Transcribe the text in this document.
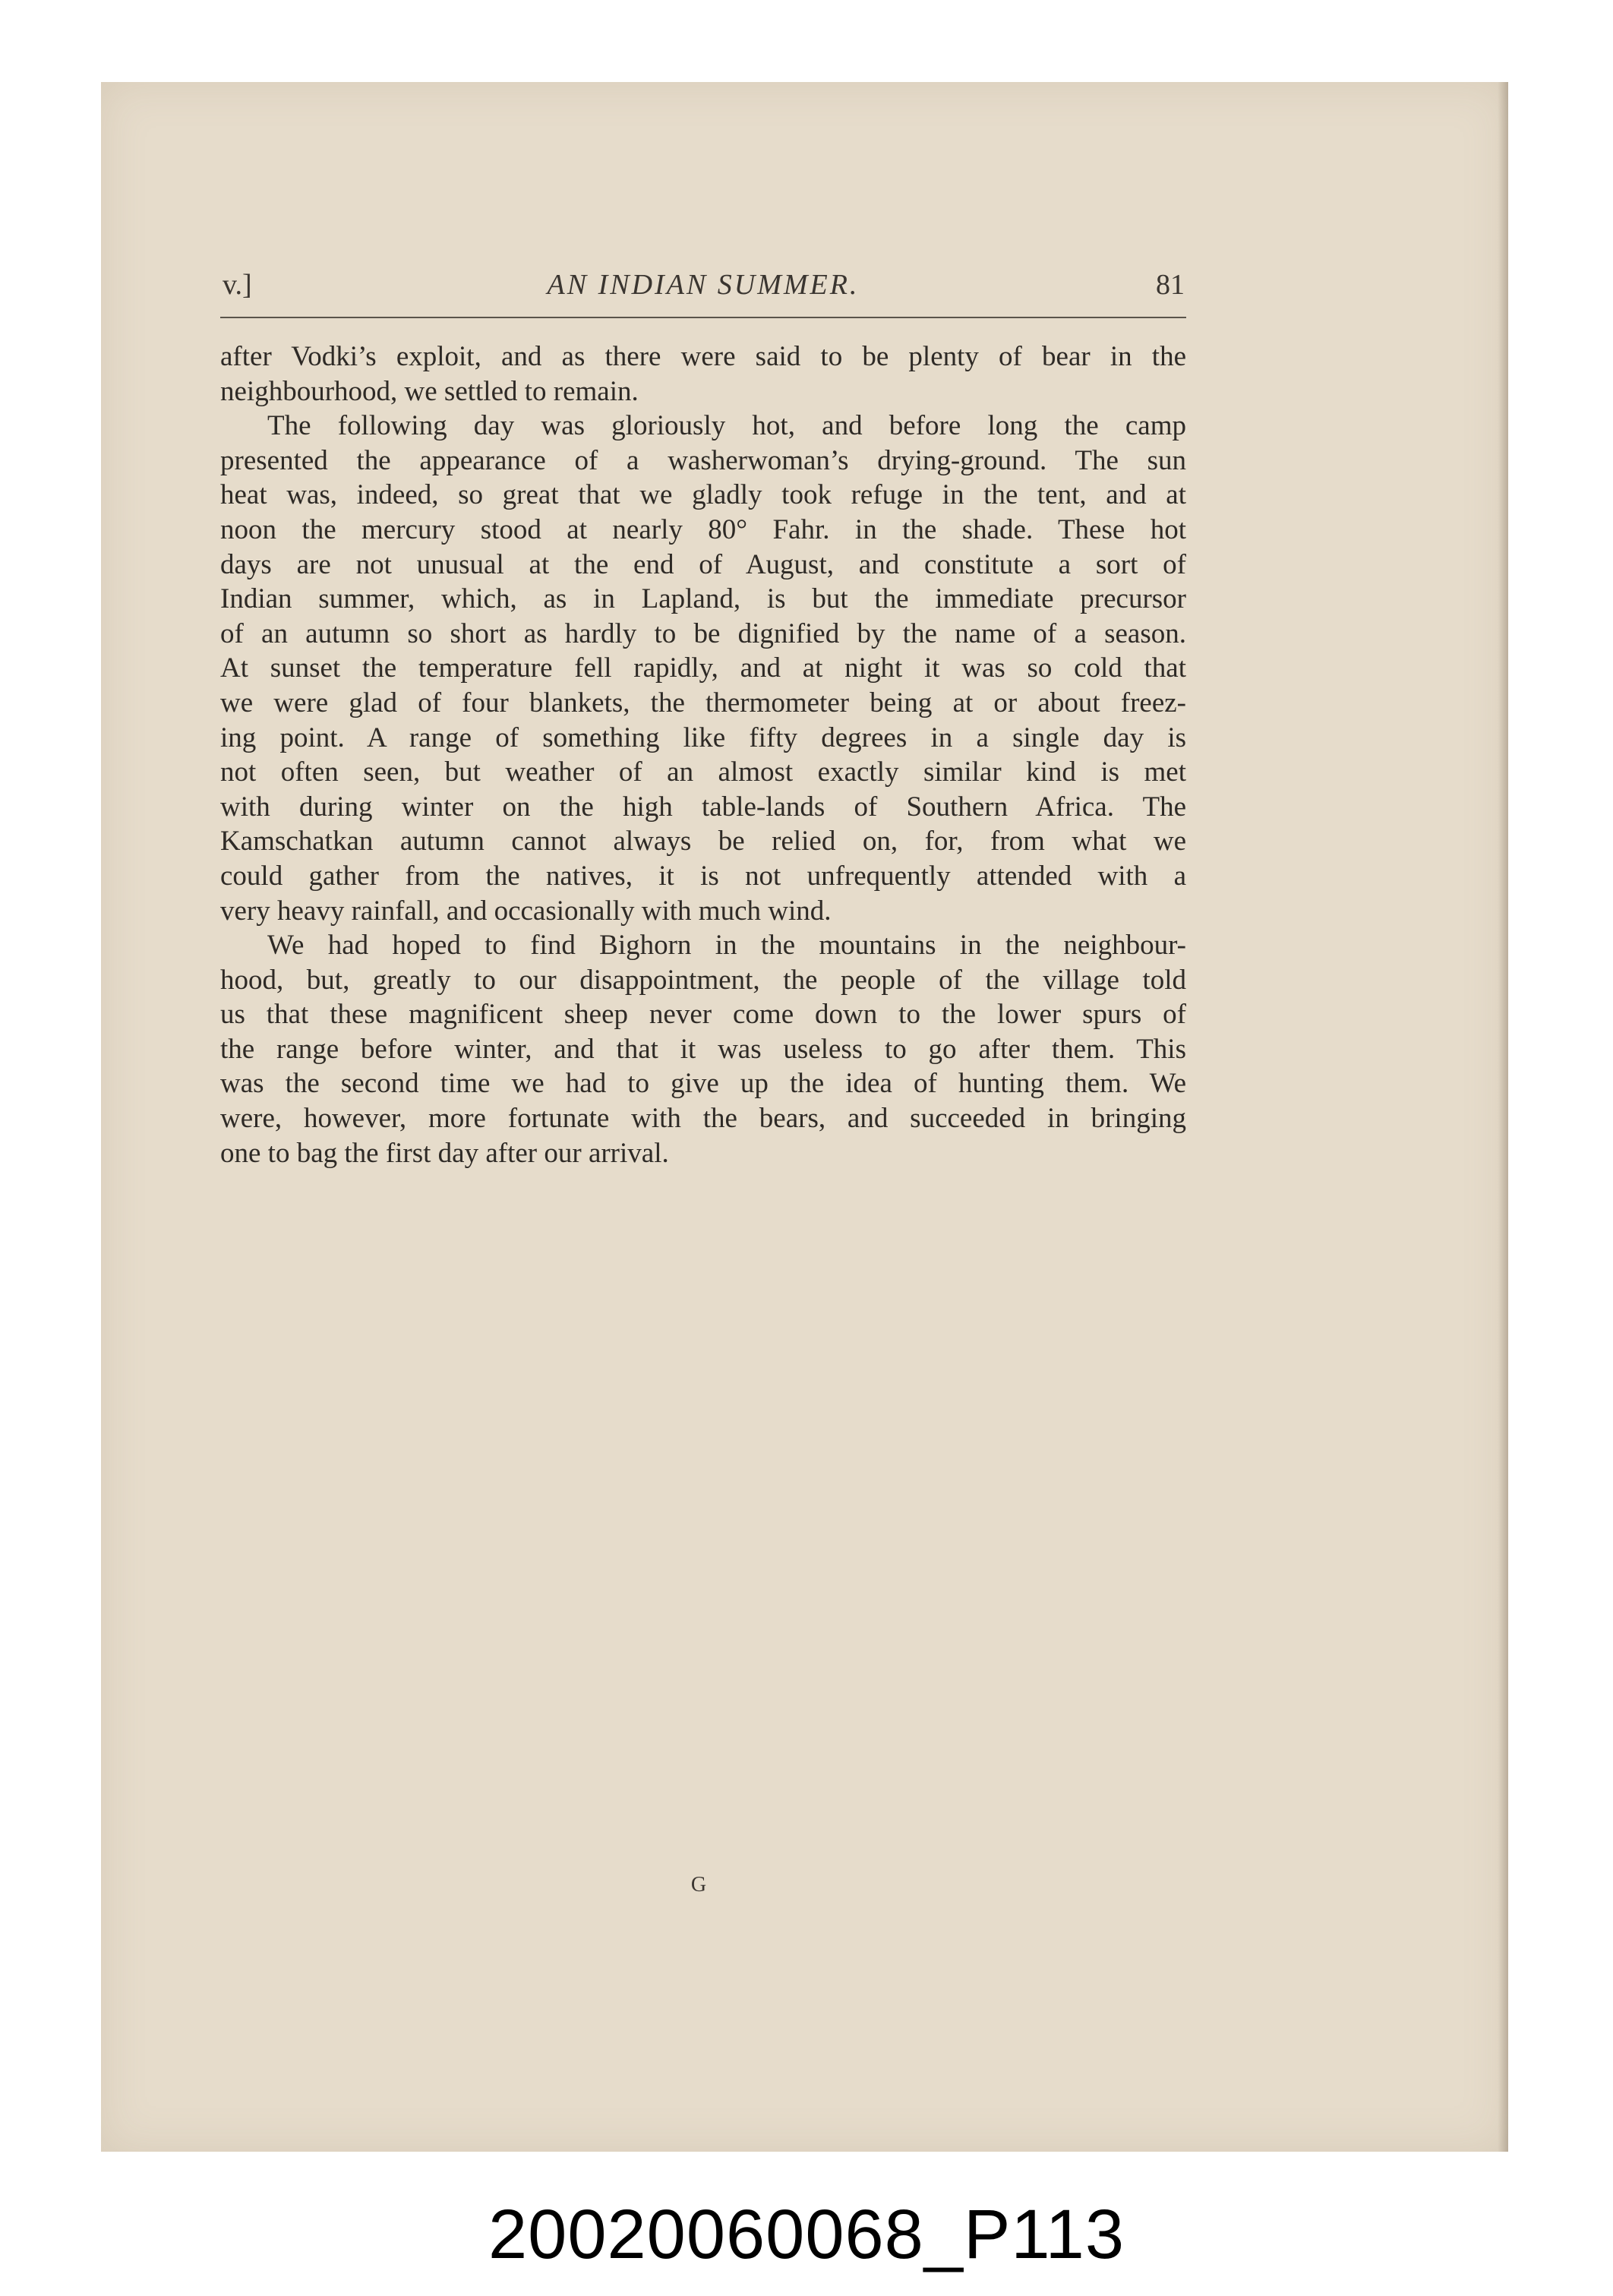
v.]	AN INDIAN SUMMER.	81
after Vodki’s exploit, and as there were said to be plenty of bear in the
neighbourhood, we settled to remain.
The following day was gloriously hot, and before long the camp
presented the appearance of a washerwoman’s drying-ground. The sun
heat was, indeed, so great that we gladly took refuge in the tent, and at
noon the mercury stood at nearly 80° Fahr. in the shade. These hot
days are not unusual at the end of August, and constitute a sort of
Indian summer, which, as in Lapland, is but the immediate precursor
of an autumn so short as hardly to be dignified by the name of a season.
At sunset the temperature fell rapidly, and at night it was so cold that
we were glad of four blankets, the thermometer being at or about freez-
ing point. A range of something like fifty degrees in a single day is
not often seen, but weather of an almost exactly similar kind is met
with during winter on the high table-lands of Southern Africa. The
Kamschatkan autumn cannot always be relied on, for, from what we
could gather from the natives, it is not unfrequently attended with a
very heavy rainfall, and occasionally with much wind.
We had hoped to find Bighorn in the mountains in the neighbour-
hood, but, greatly to our disappointment, the people of the village told
us that these magnificent sheep never come down to the lower spurs of
the range before winter, and that it was useless to go after them. This
was the second time we had to give up the idea of hunting them. We
were, however, more fortunate with the bears, and succeeded in bringing
one to bag the first day after our arrival.
G
20020060068_P113
